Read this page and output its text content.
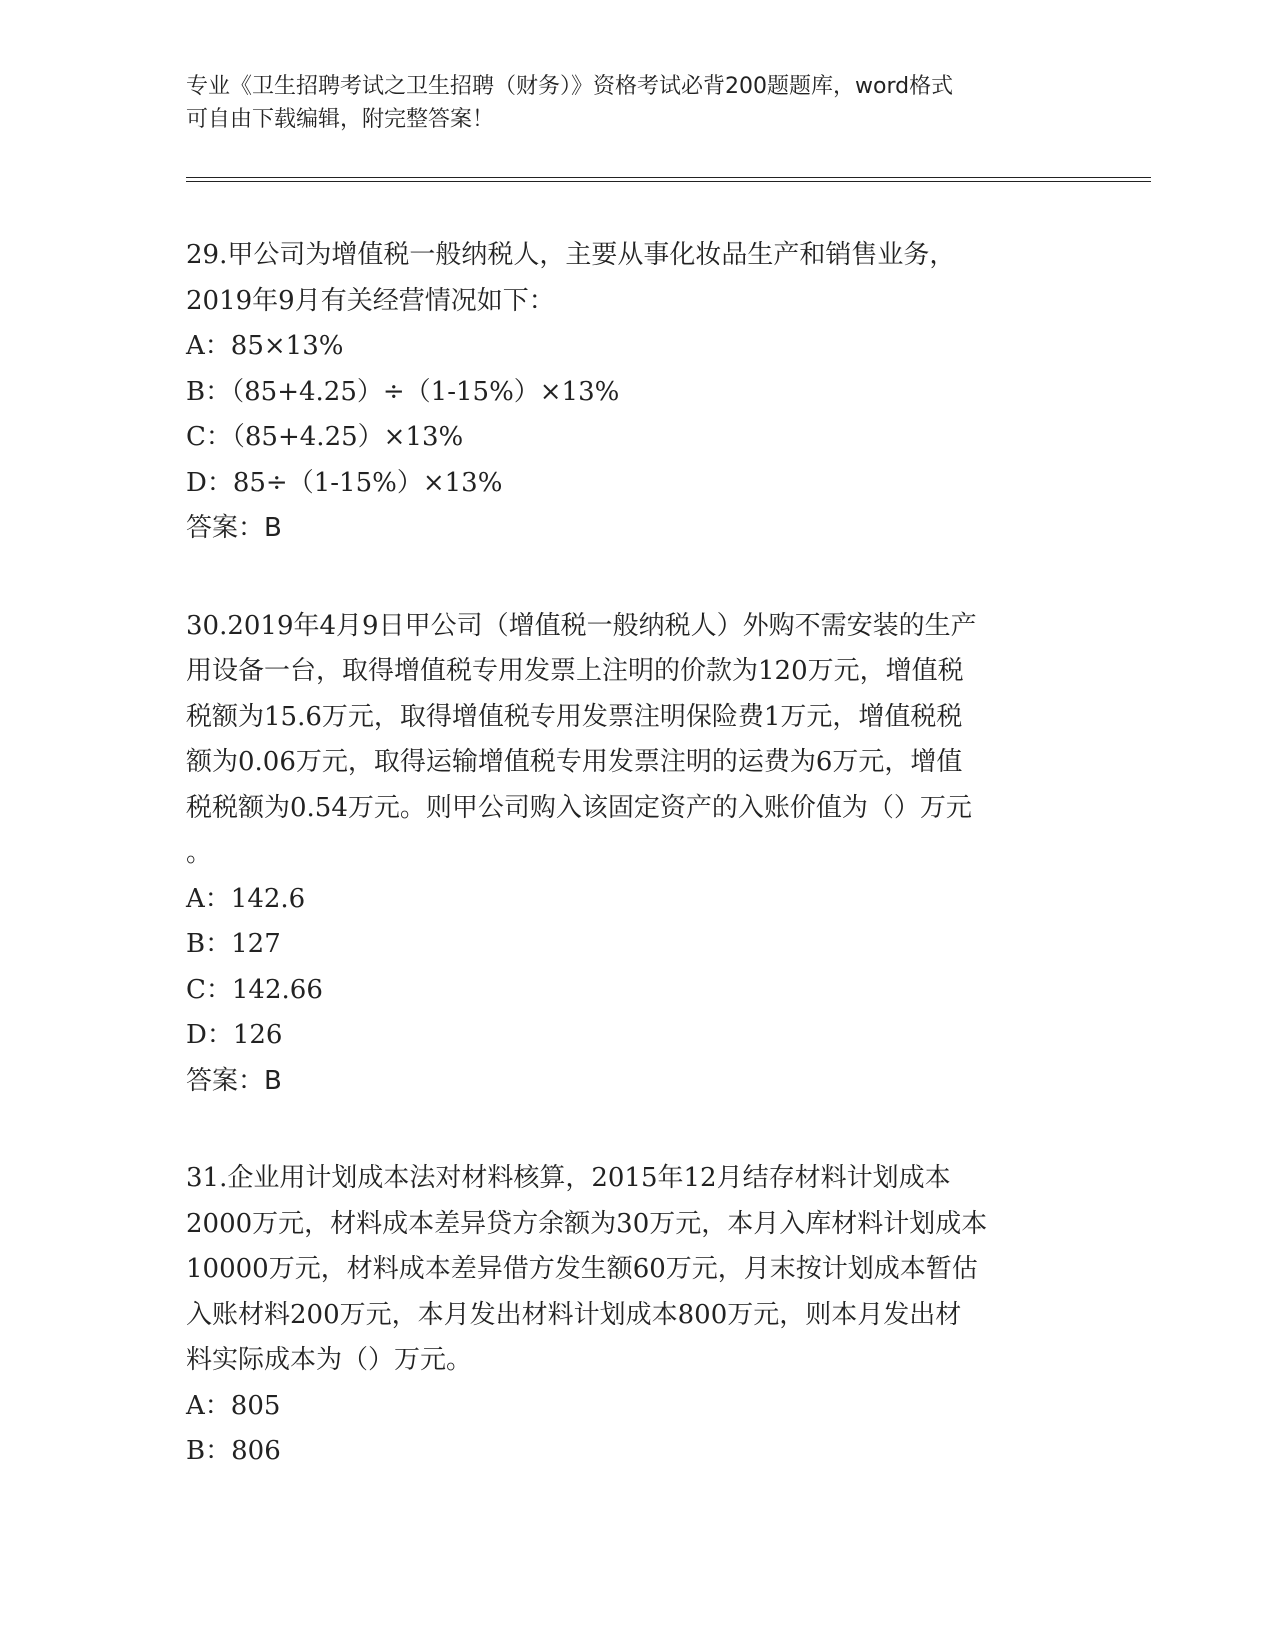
专业《卫生招聘考试之卫生招聘（财务）》资格考试必背200题题库，word格式
可自由下载编辑，附完整答案！
29.甲公司为增值税一般纳税人，主要从事化妆品生产和销售业务，
2019年9月有关经营情况如下：
A：85×13%
B：（85+4.25）÷（1-15%）×13%
C：（85+4.25）×13%
D：85÷（1-15%）×13%
答案：B
30.2019年4月9日甲公司（增值税一般纳税人）外购不需安装的生产
用设备一台，取得增值税专用发票上注明的价款为120万元，增值税
税额为15.6万元，取得增值税专用发票注明保险费1万元，增值税税
额为0.06万元，取得运输增值税专用发票注明的运费为6万元，增值
税税额为0.54万元。则甲公司购入该固定资产的入账价值为（）万元
。
A：142.6
B：127
C：142.66
D：126
答案：B
31.企业用计划成本法对材料核算，2015年12月结存材料计划成本
2000万元，材料成本差异贷方余额为30万元，本月入库材料计划成本
10000万元，材料成本差异借方发生额60万元，月末按计划成本暂估
入账材料200万元，本月发出材料计划成本800万元，则本月发出材
料实际成本为（）万元。
A：805
B：806
